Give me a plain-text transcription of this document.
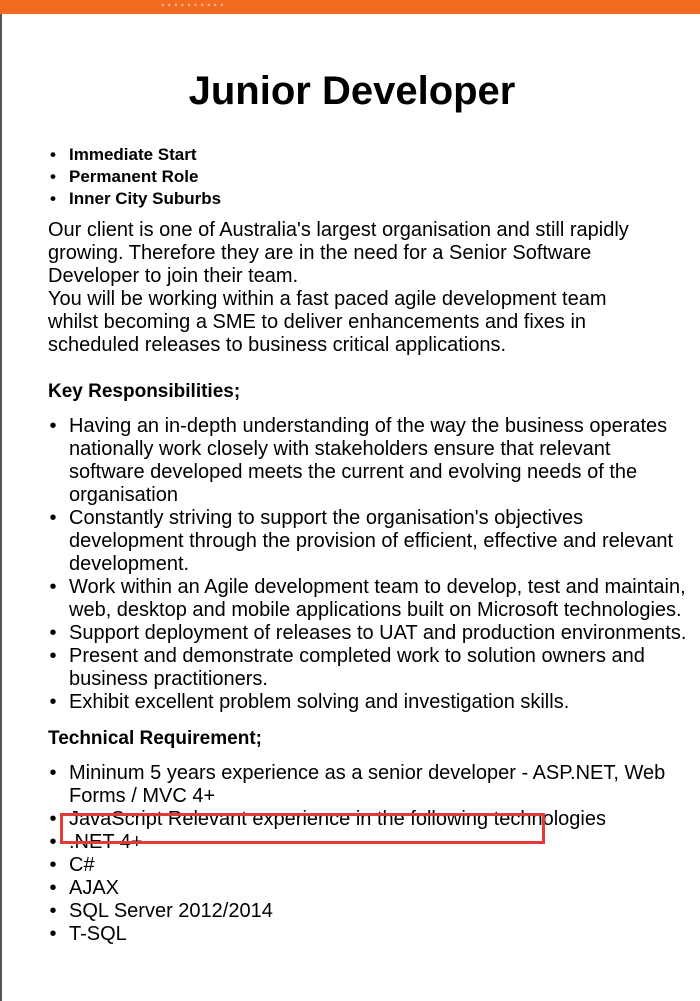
..........
Junior Developer
• Immediate Start
• Permanent Role
• Inner City Suburbs

Our client is one of Australia's largest organisation and still rapidly growing. Therefore they are in the need for a Senior Software Developer to join their team.

You will be working within a fast paced agile development team whilst becoming a SME to deliver enhancements and fixes in scheduled releases to business critical applications.

Key Responsibilities;
• Having an in-depth understanding of the way the business operates nationally work closely with stakeholders ensure that relevant software developed meets the current and evolving needs of the organisation
• Constantly striving to support the organisation's objectives development through the provision of efficient, effective and relevant development.
• Work within an Agile development team to develop, test and maintain, web, desktop and mobile applications built on Microsoft technologies.
• Support deployment of releases to UAT and production environments.
• Present and demonstrate completed work to solution owners and business practitioners.
• Exhibit excellent problem solving and investigation skills.
Technical Requirement;
• Mininum 5 years experience as a senior developer - ASP.NET, Web Forms / MVC 4+
• JavaScript Relevant experience in the following technologies
• .NET 4+
• C#
• AJAX
• SQL Server 2012/2014
• T-SQL
